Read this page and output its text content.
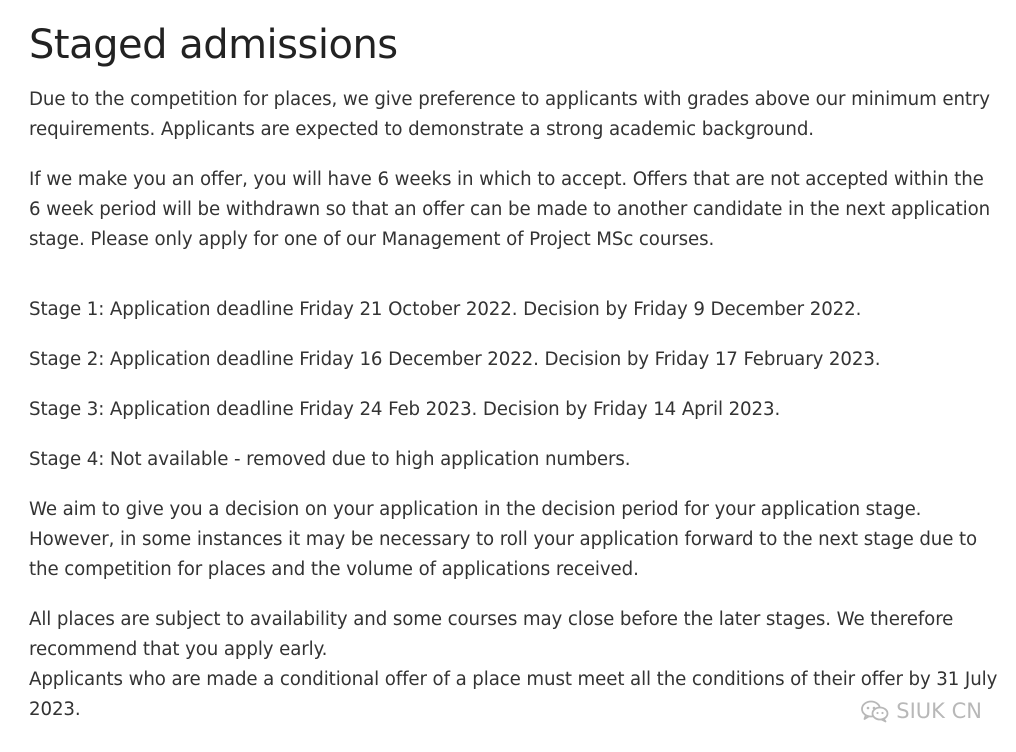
Staged admissions

Due to the competition for places, we give preference to applicants with grades above our minimum entry requirements. Applicants are expected to demonstrate a strong academic background.

If we make you an offer, you will have 6 weeks in which to accept. Offers that are not accepted within the 6 week period will be withdrawn so that an offer can be made to another candidate in the next application stage. Please only apply for one of our Management of Project MSc courses.

Stage 1: Application deadline Friday 21 October 2022. Decision by Friday 9 December 2022.

Stage 2: Application deadline Friday 16 December 2022. Decision by Friday 17 February 2023.

Stage 3: Application deadline Friday 24 Feb 2023. Decision by Friday 14 April 2023.

Stage 4: Not available - removed due to high application numbers.

We aim to give you a decision on your application in the decision period for your application stage. However, in some instances it may be necessary to roll your application forward to the next stage due to the competition for places and the volume of applications received.

All places are subject to availability and some courses may close before the later stages. We therefore recommend that you apply early.

Applicants who are made a conditional offer of a place must meet all the conditions of their offer by 31 July 2023.	SIUK CN
